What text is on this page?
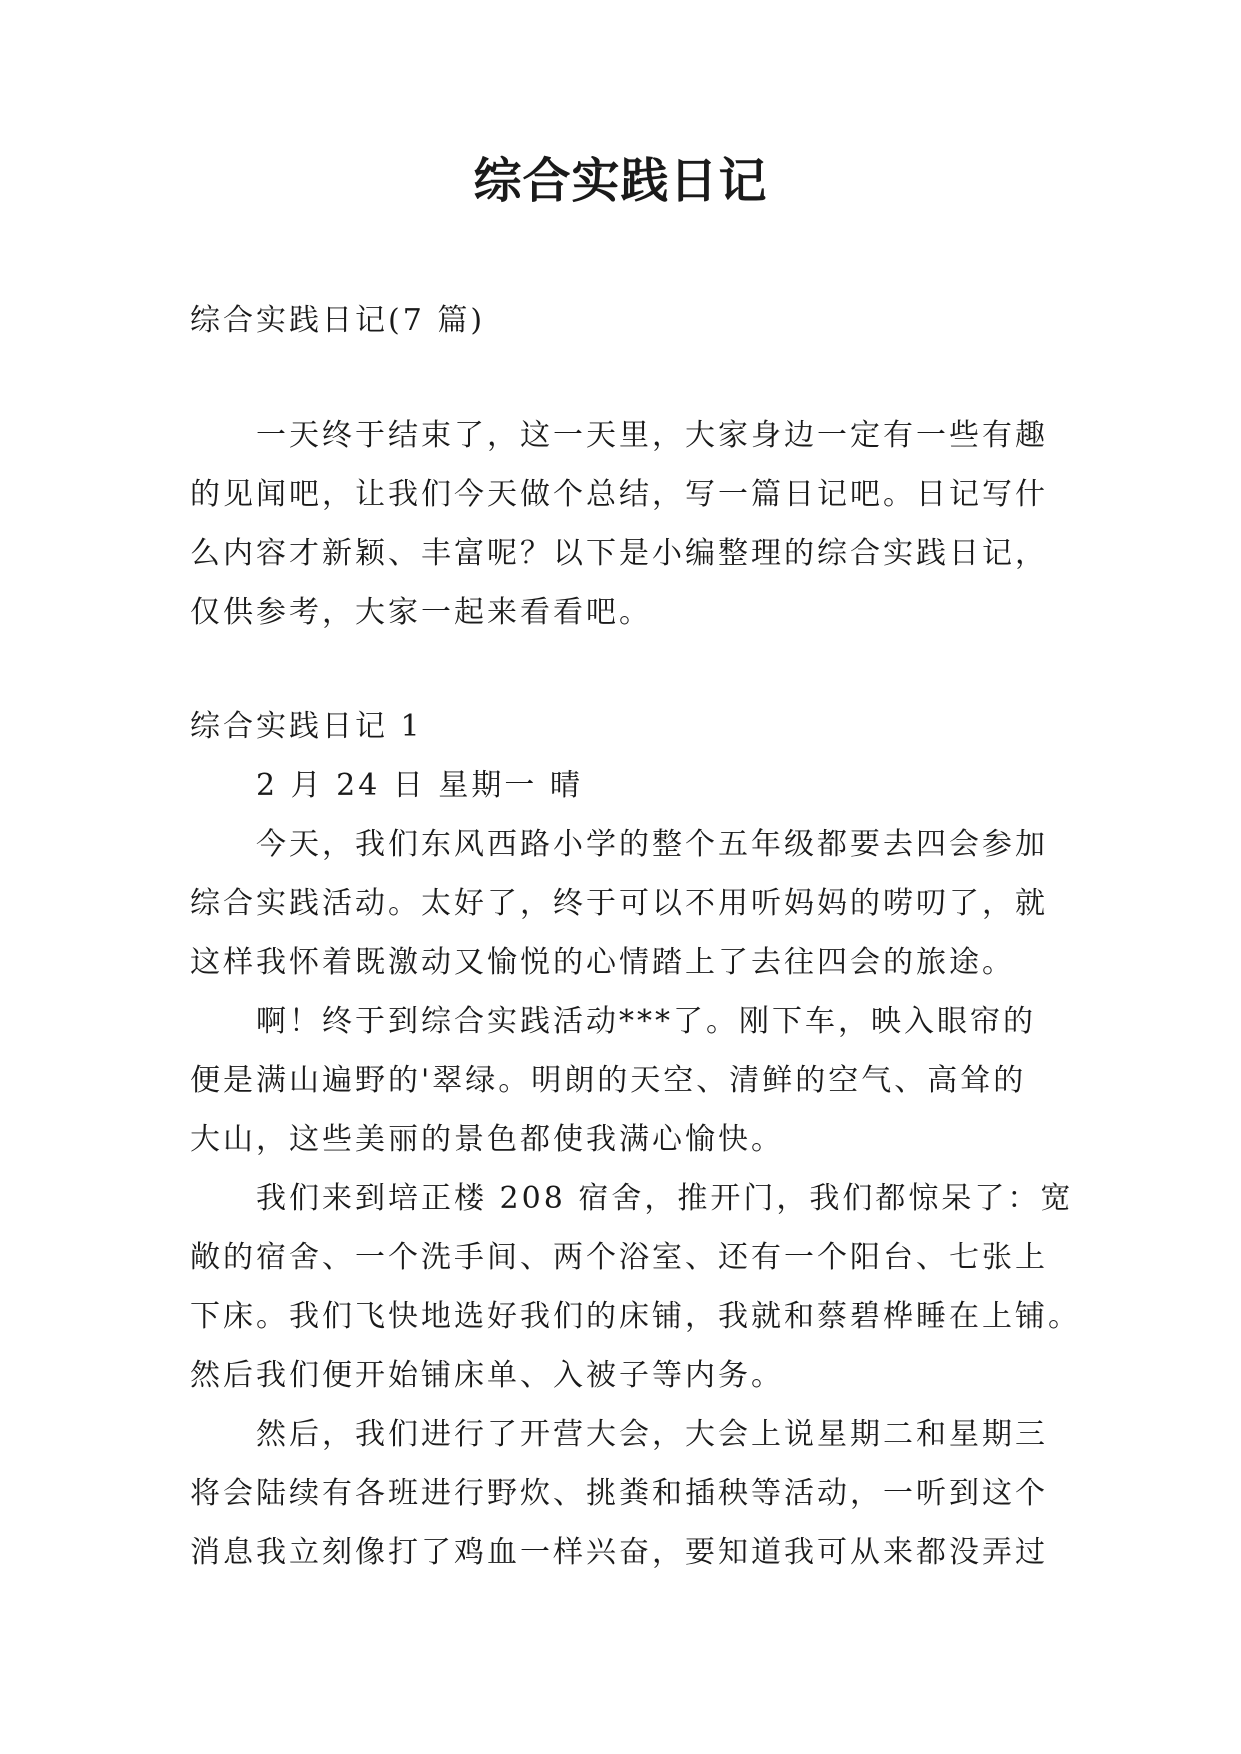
综合实践日记
综合实践日记(7 篇)
一天终于结束了，这一天里，大家身边一定有一些有趣
的见闻吧，让我们今天做个总结，写一篇日记吧。日记写什
么内容才新颖、丰富呢？以下是小编整理的综合实践日记，
仅供参考，大家一起来看看吧。
综合实践日记 1
2 月 24 日 星期一 晴
今天，我们东风西路小学的整个五年级都要去四会参加
综合实践活动。太好了，终于可以不用听妈妈的唠叨了，就
这样我怀着既激动又愉悦的心情踏上了去往四会的旅途。
啊！终于到综合实践活动***了。刚下车，映入眼帘的
便是满山遍野的'翠绿。明朗的天空、清鲜的空气、高耸的
大山，这些美丽的景色都使我满心愉快。
我们来到培正楼 208 宿舍，推开门，我们都惊呆了：宽
敞的宿舍、一个洗手间、两个浴室、还有一个阳台、七张上
下床。我们飞快地选好我们的床铺，我就和蔡碧桦睡在上铺。
然后我们便开始铺床单、入被子等内务。
然后，我们进行了开营大会，大会上说星期二和星期三
将会陆续有各班进行野炊、挑粪和插秧等活动，一听到这个
消息我立刻像打了鸡血一样兴奋，要知道我可从来都没弄过
